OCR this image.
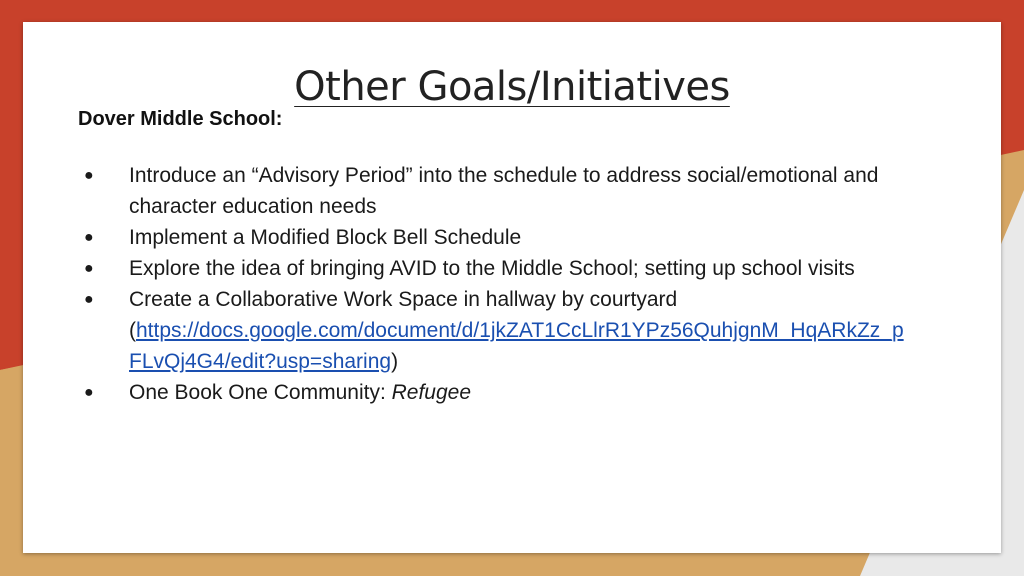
Other Goals/Initiatives
Dover Middle School:
● Introduce an “Advisory Period” into the schedule to address social/emotional and character education needs
● Implement a Modified Block Bell Schedule
● Explore the idea of bringing AVID to the Middle School; setting up school visits
● Create a Collaborative Work Space in hallway by courtyard
(https://docs.google.com/document/d/1jkZAT1CcLlrR1YPz56QuhjgnM_HqARkZz_pFLvQj4G4/edit?usp=sharing)
● One Book One Community: Refugee
